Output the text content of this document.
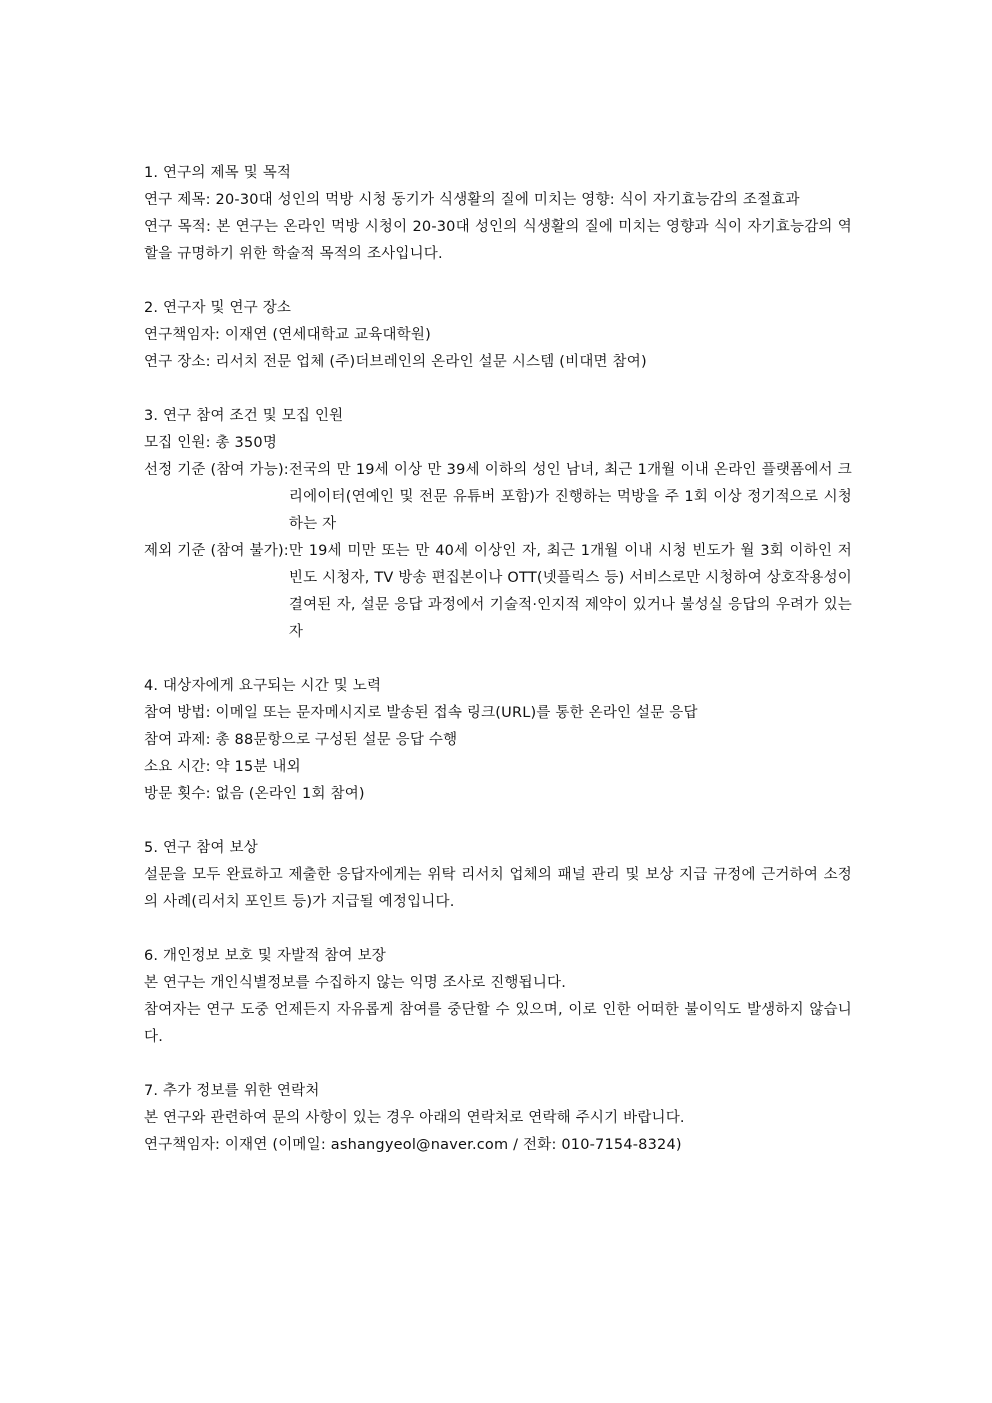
1. 연구의 제목 및 목적
연구 제목: 20-30대 성인의 먹방 시청 동기가 식생활의 질에 미치는 영향: 식이 자기효능감의 조절효과
연구 목적: 본 연구는 온라인 먹방 시청이 20-30대 성인의 식생활의 질에 미치는 영향과 식이 자기효능감의 역할을 규명하기 위한 학술적 목적의 조사입니다.
2. 연구자 및 연구 장소
연구책임자: 이재연 (연세대학교 교육대학원)
연구 장소: 리서치 전문 업체 (주)더브레인의 온라인 설문 시스템 (비대면 참여)
3. 연구 참여 조건 및 모집 인원
모집 인원: 총 350명
선정 기준 (참여 가능): 전국의 만 19세 이상 만 39세 이하의 성인 남녀, 최근 1개월 이내 온라인 플랫폼에서 크리에이터(연예인 및 전문 유튜버 포함)가 진행하는 먹방을 주 1회 이상 정기적으로 시청하는 자
제외 기준 (참여 불가): 만 19세 미만 또는 만 40세 이상인 자, 최근 1개월 이내 시청 빈도가 월 3회 이하인 저빈도 시청자, TV 방송 편집본이나 OTT(넷플릭스 등) 서비스로만 시청하여 상호작용성이 결여된 자, 설문 응답 과정에서 기술적·인지적 제약이 있거나 불성실 응답의 우려가 있는 자
4. 대상자에게 요구되는 시간 및 노력
참여 방법: 이메일 또는 문자메시지로 발송된 접속 링크(URL)를 통한 온라인 설문 응답
참여 과제: 총 88문항으로 구성된 설문 응답 수행
소요 시간: 약 15분 내외
방문 횟수: 없음 (온라인 1회 참여)
5. 연구 참여 보상
설문을 모두 완료하고 제출한 응답자에게는 위탁 리서치 업체의 패널 관리 및 보상 지급 규정에 근거하여 소정의 사례(리서치 포인트 등)가 지급될 예정입니다.
6. 개인정보 보호 및 자발적 참여 보장
본 연구는 개인식별정보를 수집하지 않는 익명 조사로 진행됩니다.
참여자는 연구 도중 언제든지 자유롭게 참여를 중단할 수 있으며, 이로 인한 어떠한 불이익도 발생하지 않습니다.
7. 추가 정보를 위한 연락처
본 연구와 관련하여 문의 사항이 있는 경우 아래의 연락처로 연락해 주시기 바랍니다.
연구책임자: 이재연 (이메일: ashangyeol@naver.com / 전화: 010-7154-8324)
